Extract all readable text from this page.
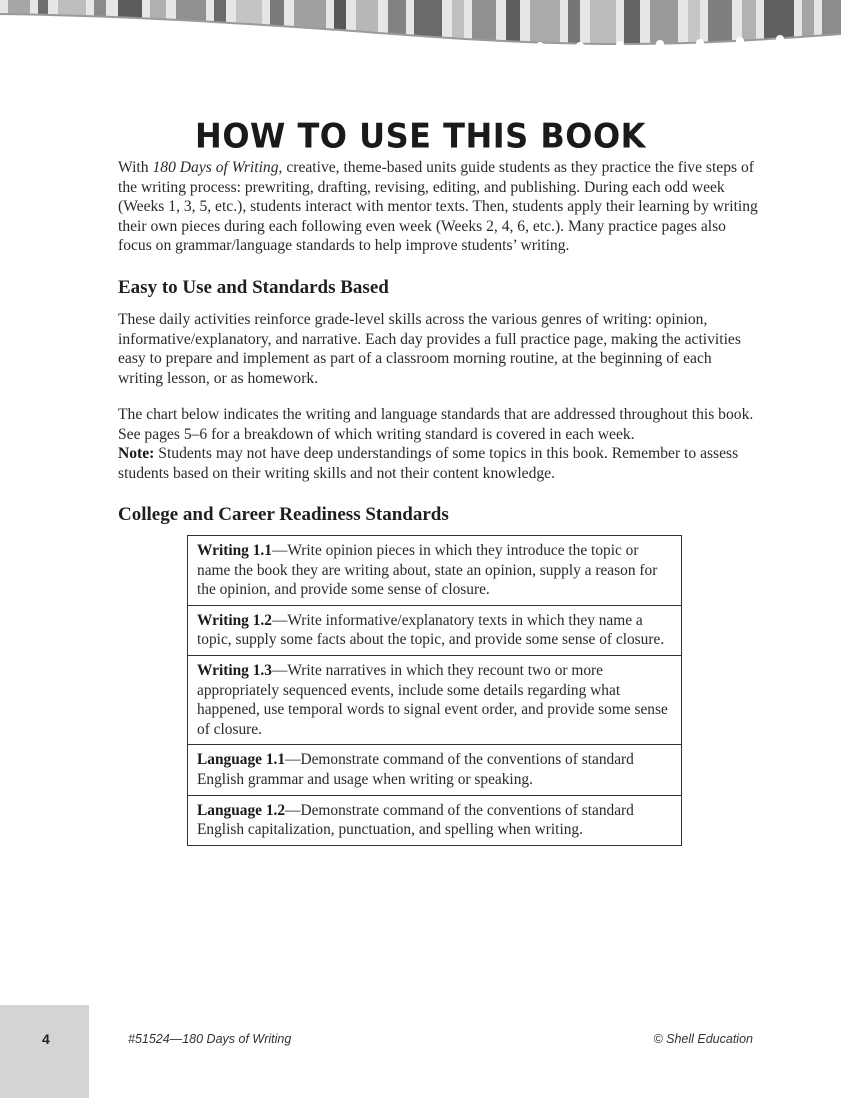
HOW TO USE THIS BOOK

With 180 Days of Writing, creative, theme-based units guide students as they practice the five steps of the writing process: prewriting, drafting, revising, editing, and publishing. During each odd week (Weeks 1, 3, 5, etc.), students interact with mentor texts. Then, students apply their learning by writing their own pieces during each following even week (Weeks 2, 4, 6, etc.). Many practice pages also focus on grammar/language standards to help improve students’ writing.

Easy to Use and Standards Based

These daily activities reinforce grade-level skills across the various genres of writing: opinion, informative/explanatory, and narrative. Each day provides a full practice page, making the activities easy to prepare and implement as part of a classroom morning routine, at the beginning of each writing lesson, or as homework.

The chart below indicates the writing and language standards that are addressed throughout this book. See pages 5–6 for a breakdown of which writing standard is covered in each week.
Note: Students may not have deep understandings of some topics in this book. Remember to assess students based on their writing skills and not their content knowledge.

College and Career Readiness Standards
Writing 1.1—Write opinion pieces in which they introduce the topic or name the book they are writing about, state an opinion, supply a reason for the opinion, and provide some sense of closure.
Writing 1.2—Write informative/explanatory texts in which they name a topic, supply some facts about the topic, and provide some sense of closure.
Writing 1.3—Write narratives in which they recount two or more appropriately sequenced events, include some details regarding what happened, use temporal words to signal event order, and provide some sense of closure.
Language 1.1—Demonstrate command of the conventions of standard English grammar and usage when writing or speaking.
Language 1.2—Demonstrate command of the conventions of standard English capitalization, punctuation, and spelling when writing.
4	#51524—180 Days of Writing	© Shell Education
